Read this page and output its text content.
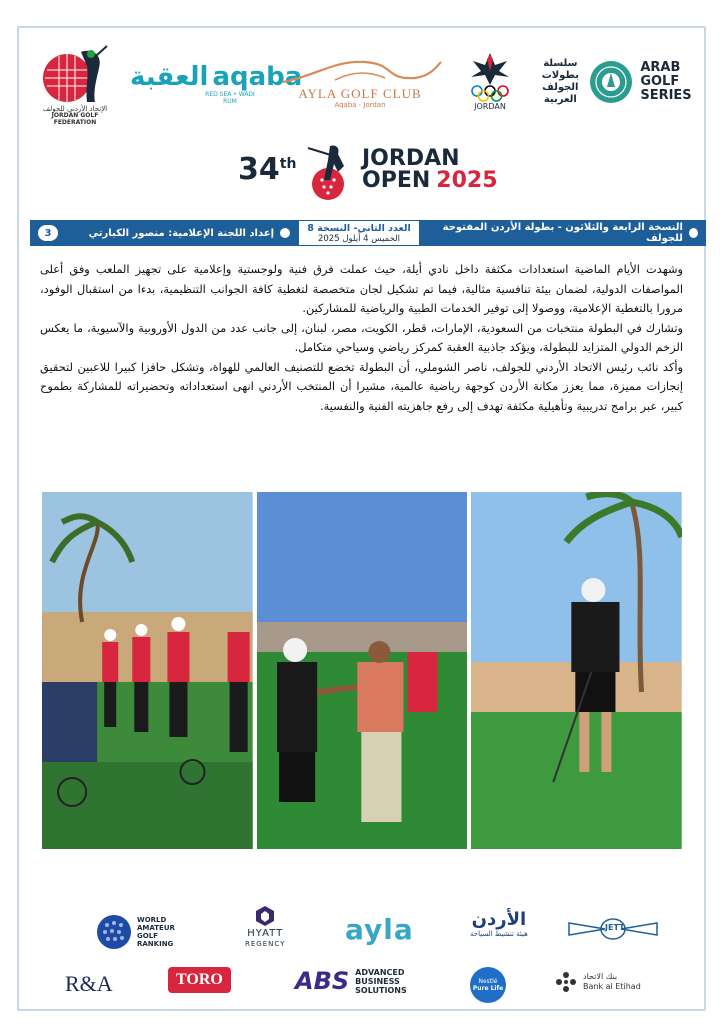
الإتحاد الأردني للجولف
JORDAN GOLF FEDERATION
العقبة aqaba
RED SEA • WADI RUM
AYLA GOLF CLUB
Aqaba · Jordan	JORDAN
سلسلة بطولات الجولف العربية
ARAB
GOLF
SERIES
34 th	JORDAN
OPEN 2025
النسخة الرابعة والثلاثون - بطولة الأردن المفتوحة للجولف
العدد الثاني- النسخة 8
الخميس 4 أيلول 2025
إعداد اللجنة الإعلامية: منصور الكبارتي
3

وشهدت الأيام الماضية استعدادات مكثفة داخل نادي أيلة، حيث عملت فرق فنية ولوجستية وإعلامية على تجهيز الملعب وفق أعلى المواصفات الدولية، لضمان بيئة تنافسية مثالية، فيما تم تشكيل لجان متخصصة لتغطية كافة الجوانب التنظيمية، بدءا من استقبال الوفود، مرورا بالتغطية الإعلامية، ووصولا إلى توفير الخدمات الطبية والرياضية للمشاركين.

وتشارك في البطولة منتخبات من السعودية، الإمارات، قطر، الكويت، مصر، لبنان، إلى جانب عدد من الدول الأوروبية والآسيوية، ما يعكس الزخم الدولي المتزايد للبطولة، ويؤكد جاذبية العقبة كمركز رياضي وسياحي متكامل.

وأكد نائب رئيس الاتحاد الأردني للجولف، ناصر الشوملي، أن البطولة تخضع للتصنيف العالمي للهواة، وتشكل حافزا كبيرا للاعبين لتحقيق إنجازات مميزة، مما يعزز مكانة الأردن كوجهة رياضية عالمية، مشيرا أن المنتخب الأردني انهى استعداداته وتحضيراته للمشاركة بطموح كبير، عبر برامج تدريبية وتأهيلية مكثفة تهدف إلى رفع جاهزيته الفنية والنفسية.

WORLD
AMATEUR
GOLF
RANKING
HYATT
REGENCY ayla	الأردن
هيئة تنشيط السياحة
JETT
R&A	TORO	ABS ADVANCED
BUSINESS
SOLUTIONS
Nestlé
Pure Life
بنك الاتحاد
Bank al Etihad
